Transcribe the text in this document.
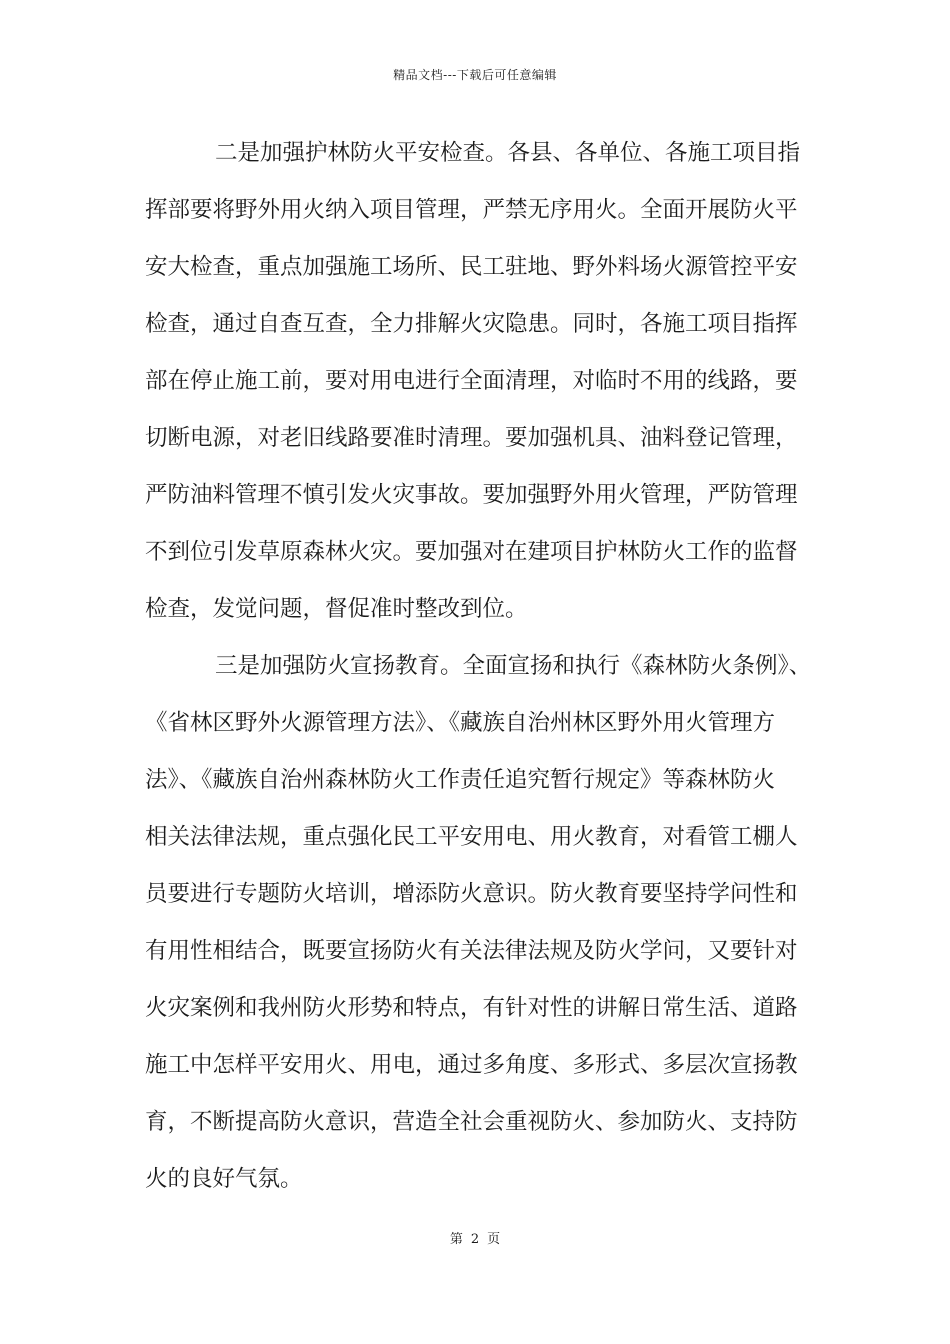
精品文档---下载后可任意编辑
二是加强护林防火平安检查。各县、各单位、各施工项目指
挥部要将野外用火纳入项目管理，严禁无序用火。全面开展防火平
安大检查，重点加强施工场所、民工驻地、野外料场火源管控平安
检查，通过自查互查，全力排解火灾隐患。同时，各施工项目指挥
部在停止施工前，要对用电进行全面清理，对临时不用的线路，要
切断电源，对老旧线路要准时清理。要加强机具、油料登记管理，
严防油料管理不慎引发火灾事故。要加强野外用火管理，严防管理
不到位引发草原森林火灾。要加强对在建项目护林防火工作的监督
检查，发觉问题，督促准时整改到位。
三是加强防火宣扬教育。全面宣扬和执行《森林防火条例》、
《省林区野外火源管理方法》、《藏族自治州林区野外用火管理方
法》、《藏族自治州森林防火工作责任追究暂行规定》等森林防火
相关法律法规，重点强化民工平安用电、用火教育，对看管工棚人
员要进行专题防火培训，增添防火意识。防火教育要坚持学问性和
有用性相结合，既要宣扬防火有关法律法规及防火学问，又要针对
火灾案例和我州防火形势和特点，有针对性的讲解日常生活、道路
施工中怎样平安用火、用电，通过多角度、多形式、多层次宣扬教
育，不断提高防火意识，营造全社会重视防火、参加防火、支持防
火的良好气氛。
第 2 页
